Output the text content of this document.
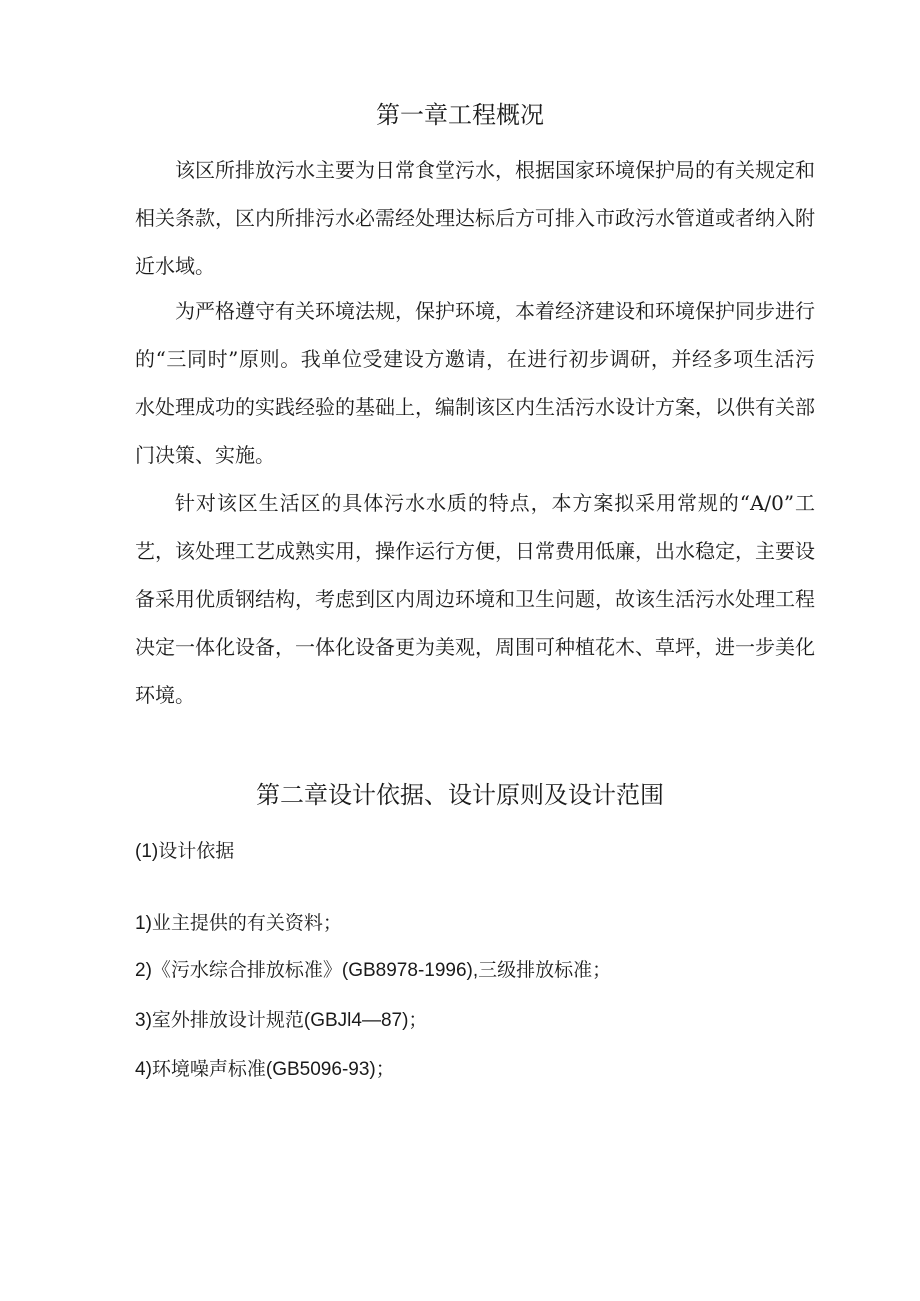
第一章工程概况

该区所排放污水主要为日常食堂污水，根据国家环境保护局的有关规定和相关条款，区内所排污水必需经处理达标后方可排入市政污水管道或者纳入附近水域。

为严格遵守有关环境法规，保护环境，本着经济建设和环境保护同步进行的“三同时”原则。我单位受建设方邀请，在进行初步调研，并经多项生活污水处理成功的实践经验的基础上，编制该区内生活污水设计方案，以供有关部门决策、实施。

针对该区生活区的具体污水水质的特点，本方案拟采用常规的“A/0”工艺，该处理工艺成熟实用，操作运行方便，日常费用低廉，出水稳定，主要设备采用优质钢结构，考虑到区内周边环境和卫生问题，故该生活污水处理工程决定一体化设备，一体化设备更为美观，周围可种植花木、草坪，进一步美化环境。

第二章设计依据、设计原则及设计范围

(1)设计依据

1)业主提供的有关资料；

2)《污水综合排放标准》(GB8978-1996),三级排放标准；

3)室外排放设计规范(GBJl4—87)；

4)环境噪声标准(GB5096-93)；
